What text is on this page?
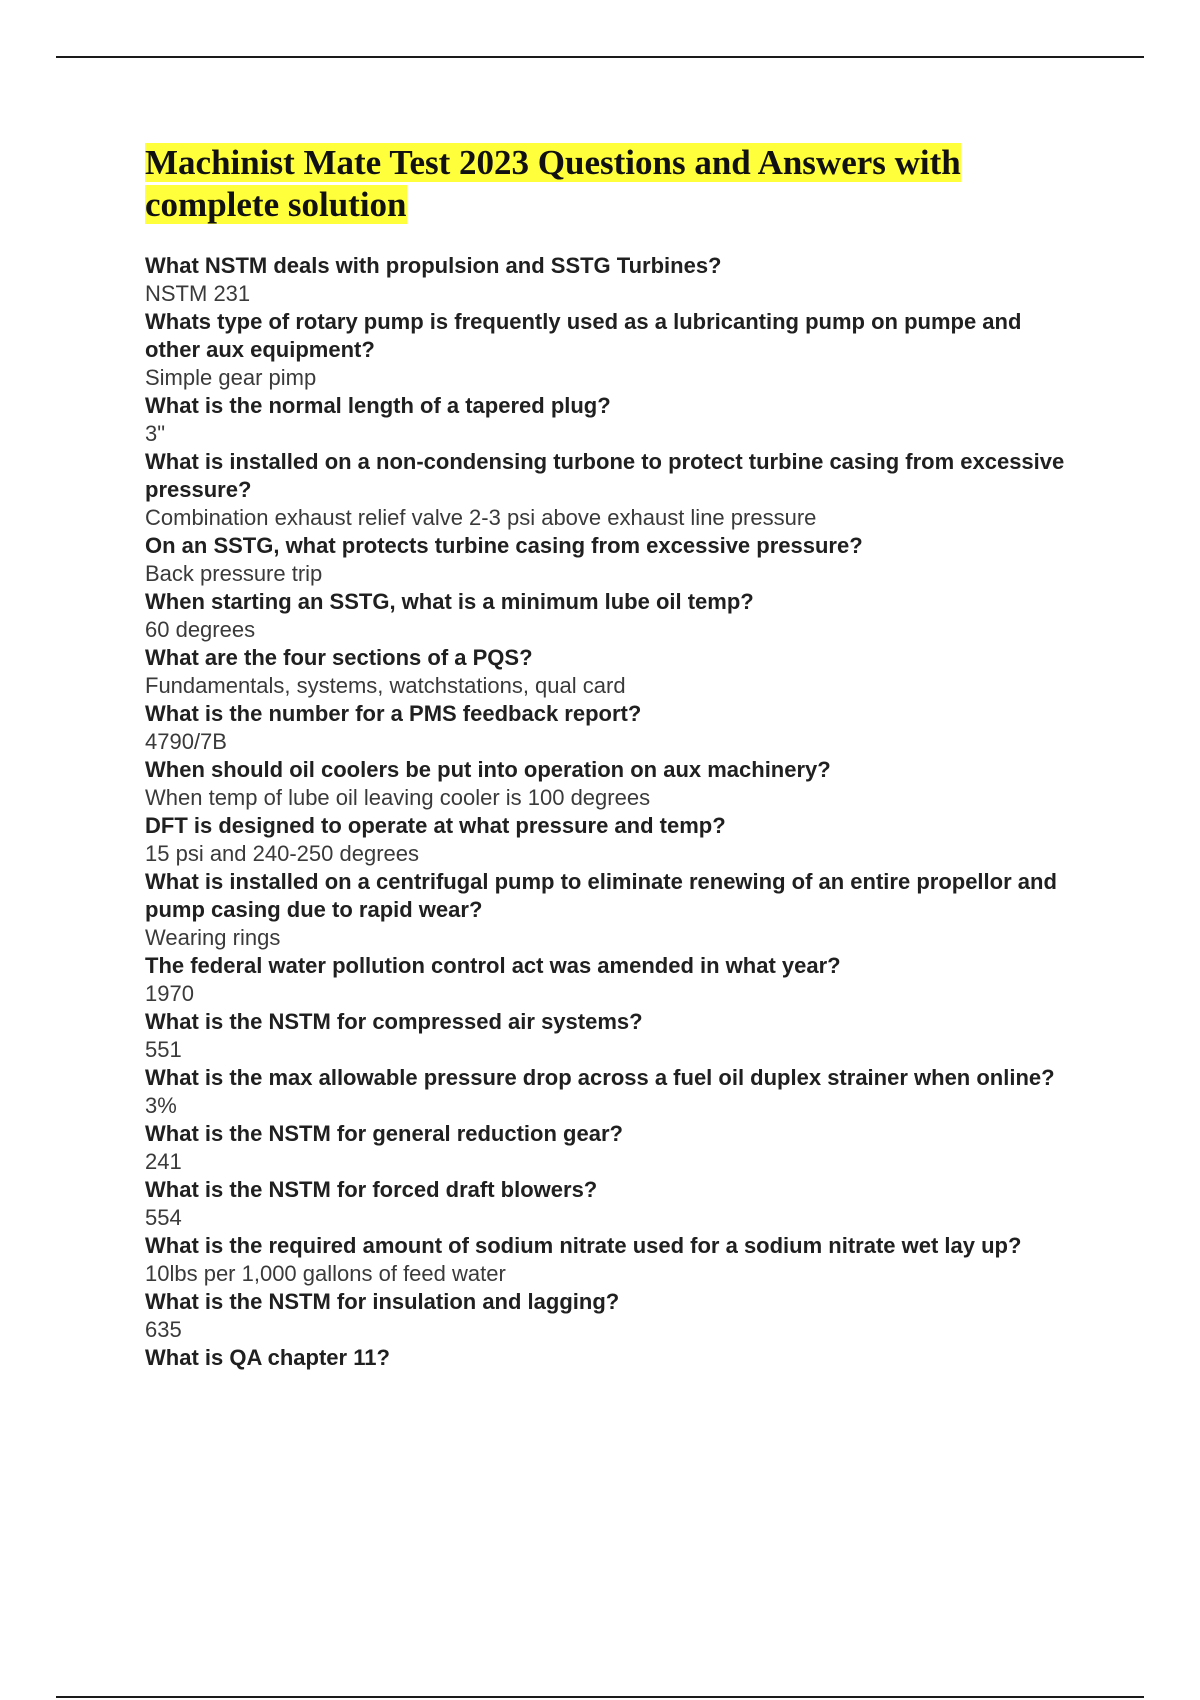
Machinist Mate Test 2023 Questions and Answers with complete solution
What NSTM deals with propulsion and SSTG Turbines?
NSTM 231
Whats type of rotary pump is frequently used as a lubricanting pump on pumpe and other aux equipment?
Simple gear pimp
What is the normal length of a tapered plug?
3"
What is installed on a non-condensing turbone to protect turbine casing from excessive pressure?
Combination exhaust relief valve 2-3 psi above exhaust line pressure
On an SSTG, what protects turbine casing from excessive pressure?
Back pressure trip
When starting an SSTG, what is a minimum lube oil temp?
60 degrees
What are the four sections of a PQS?
Fundamentals, systems, watchstations, qual card
What is the number for a PMS feedback report?
4790/7B
When should oil coolers be put into operation on aux machinery?
When temp of lube oil leaving cooler is 100 degrees
DFT is designed to operate at what pressure and temp?
15 psi and 240-250 degrees
What is installed on a centrifugal pump to eliminate renewing of an entire propellor and pump casing due to rapid wear?
Wearing rings
The federal water pollution control act was amended in what year?
1970
What is the NSTM for compressed air systems?
551
What is the max allowable pressure drop across a fuel oil duplex strainer when online?
3%
What is the NSTM for general reduction gear?
241
What is the NSTM for forced draft blowers?
554
What is the required amount of sodium nitrate used for a sodium nitrate wet lay up?
10lbs per 1,000 gallons of feed water
What is the NSTM for insulation and lagging?
635
What is QA chapter 11?
